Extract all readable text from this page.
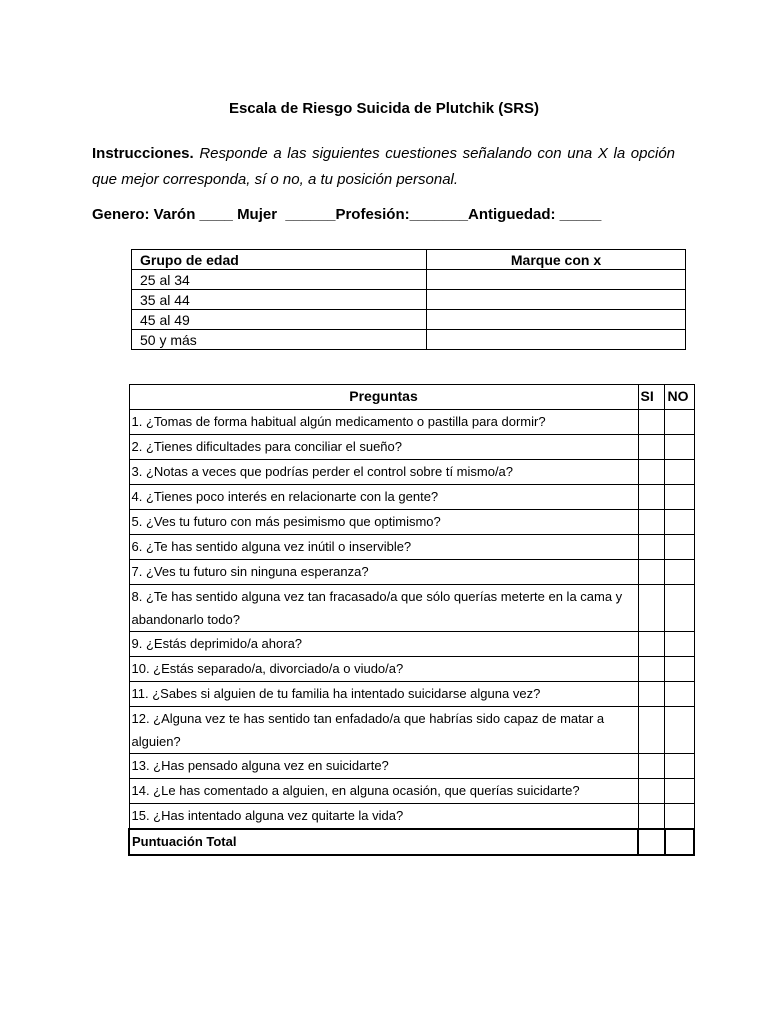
Escala de Riesgo Suicida de Plutchik (SRS)
Instrucciones. Responde a las siguientes cuestiones señalando con una X la opción que mejor corresponda, sí o no, a tu posición personal.
Genero: Varón ____ Mujer  ______Profesión:_______Antiguedad: _____
Grupo de edad	Marque con x
25 al 34	
35 al 44	
45 al 49	
50 y más	
Preguntas	SI	NO
1. ¿Tomas de forma habitual algún medicamento o pastilla para dormir?		
2. ¿Tienes dificultades para conciliar el sueño?		
3. ¿Notas a veces que podrías perder el control sobre tí mismo/a?		
4. ¿Tienes poco interés en relacionarte con la gente?		
5. ¿Ves tu futuro con más pesimismo que optimismo?		
6. ¿Te has sentido alguna vez inútil o inservible?		
7. ¿Ves tu futuro sin ninguna esperanza?		
8. ¿Te has sentido alguna vez tan fracasado/a que sólo querías meterte en la cama y abandonarlo todo?		
9. ¿Estás deprimido/a ahora?		
10. ¿Estás separado/a, divorciado/a o viudo/a?		
11. ¿Sabes si alguien de tu familia ha intentado suicidarse alguna vez?		
12. ¿Alguna vez te has sentido tan enfadado/a que habrías sido capaz de matar a alguien?		
13. ¿Has pensado alguna vez en suicidarte?		
14. ¿Le has comentado a alguien, en alguna ocasión, que querías suicidarte?		
15. ¿Has intentado alguna vez quitarte la vida?		
Puntuación Total		
